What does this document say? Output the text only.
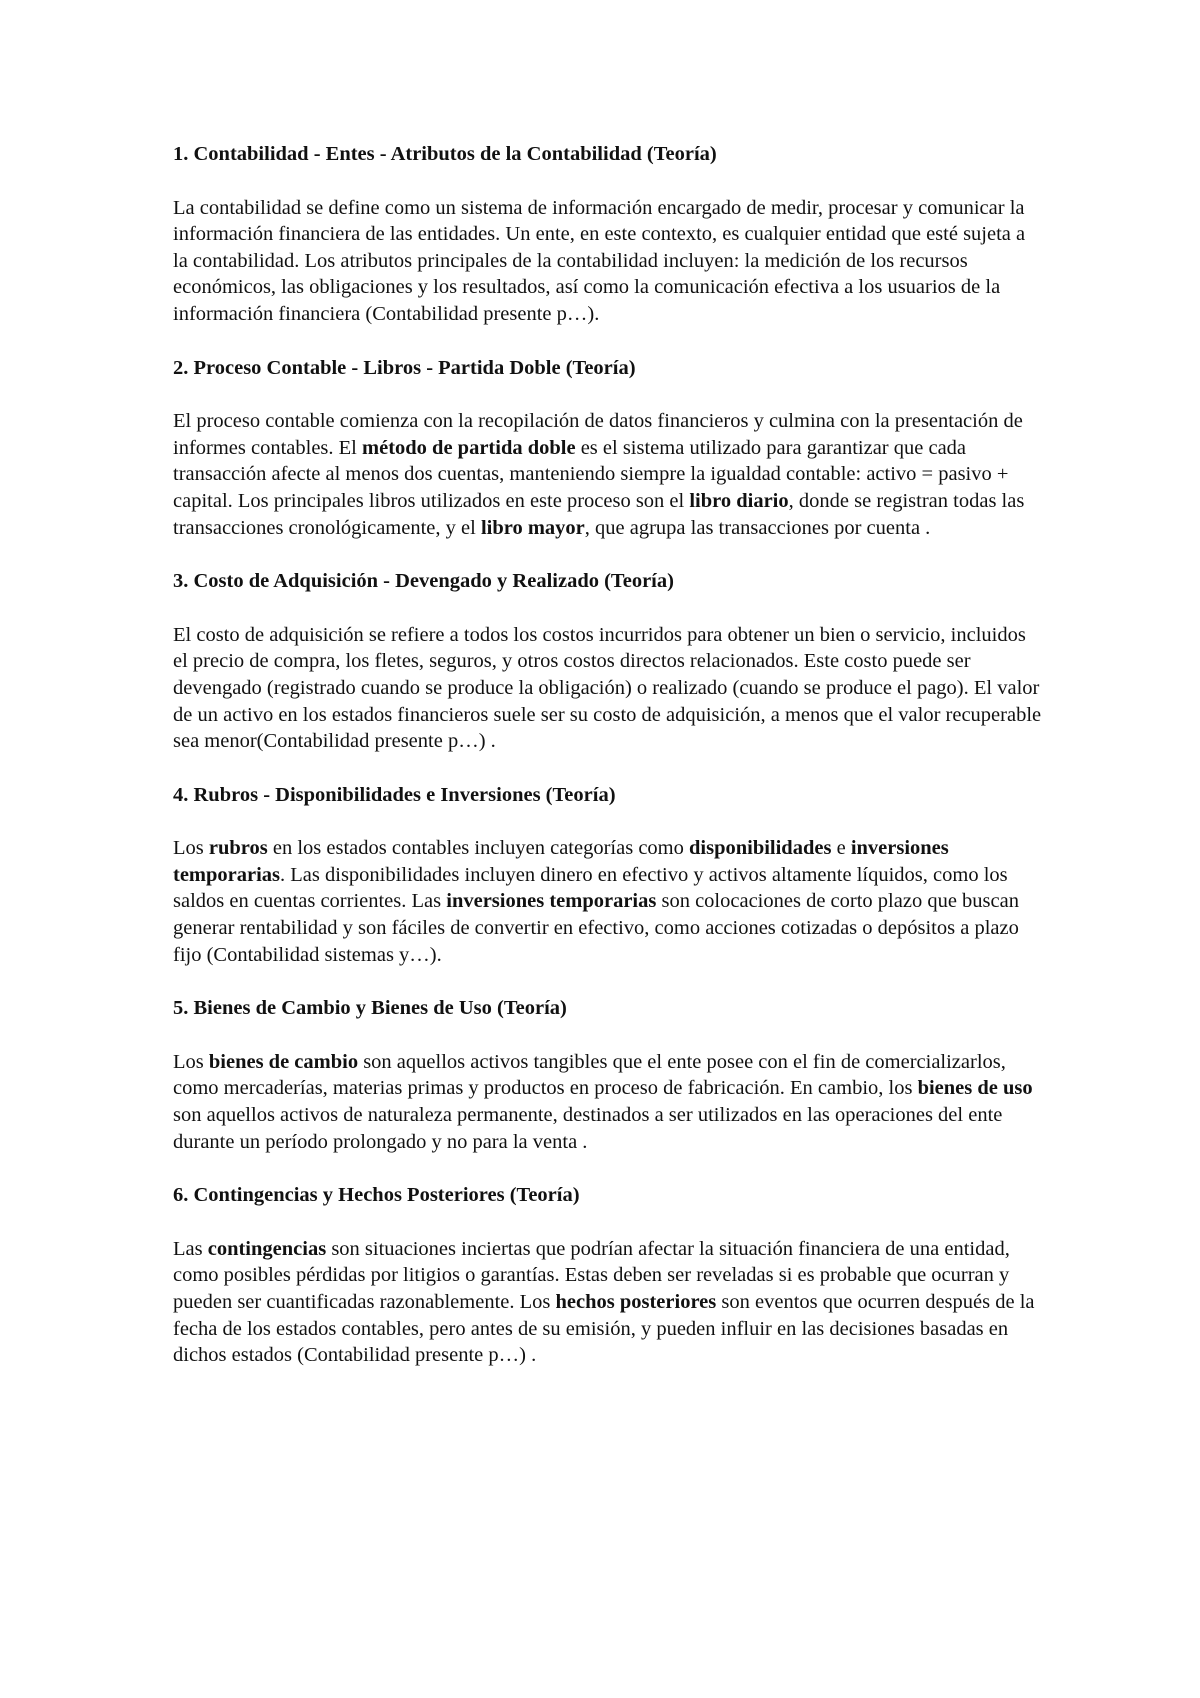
1. Contabilidad - Entes - Atributos de la Contabilidad (Teoría)

La contabilidad se define como un sistema de información encargado de medir, procesar y comunicar la información financiera de las entidades. Un ente, en este contexto, es cualquier entidad que esté sujeta a la contabilidad. Los atributos principales de la contabilidad incluyen: la medición de los recursos económicos, las obligaciones y los resultados, así como la comunicación efectiva a los usuarios de la información financiera (Contabilidad presente p…).

2. Proceso Contable - Libros - Partida Doble (Teoría)

El proceso contable comienza con la recopilación de datos financieros y culmina con la presentación de informes contables. El método de partida doble es el sistema utilizado para garantizar que cada transacción afecte al menos dos cuentas, manteniendo siempre la igualdad contable: activo = pasivo + capital. Los principales libros utilizados en este proceso son el libro diario, donde se registran todas las transacciones cronológicamente, y el libro mayor, que agrupa las transacciones por cuenta .

3. Costo de Adquisición - Devengado y Realizado (Teoría)

El costo de adquisición se refiere a todos los costos incurridos para obtener un bien o servicio, incluidos el precio de compra, los fletes, seguros, y otros costos directos relacionados. Este costo puede ser devengado (registrado cuando se produce la obligación) o realizado (cuando se produce el pago). El valor de un activo en los estados financieros suele ser su costo de adquisición, a menos que el valor recuperable sea menor(Contabilidad presente p…) .

4. Rubros - Disponibilidades e Inversiones (Teoría)

Los rubros en los estados contables incluyen categorías como disponibilidades e inversiones temporarias. Las disponibilidades incluyen dinero en efectivo y activos altamente líquidos, como los saldos en cuentas corrientes. Las inversiones temporarias son colocaciones de corto plazo que buscan generar rentabilidad y son fáciles de convertir en efectivo, como acciones cotizadas o depósitos a plazo fijo (Contabilidad sistemas y…).

5. Bienes de Cambio y Bienes de Uso (Teoría)

Los bienes de cambio son aquellos activos tangibles que el ente posee con el fin de comercializarlos, como mercaderías, materias primas y productos en proceso de fabricación. En cambio, los bienes de uso son aquellos activos de naturaleza permanente, destinados a ser utilizados en las operaciones del ente durante un período prolongado y no para la venta .

6. Contingencias y Hechos Posteriores (Teoría)

Las contingencias son situaciones inciertas que podrían afectar la situación financiera de una entidad, como posibles pérdidas por litigios o garantías. Estas deben ser reveladas si es probable que ocurran y pueden ser cuantificadas razonablemente. Los hechos posteriores son eventos que ocurren después de la fecha de los estados contables, pero antes de su emisión, y pueden influir en las decisiones basadas en dichos estados (Contabilidad presente p…) .
